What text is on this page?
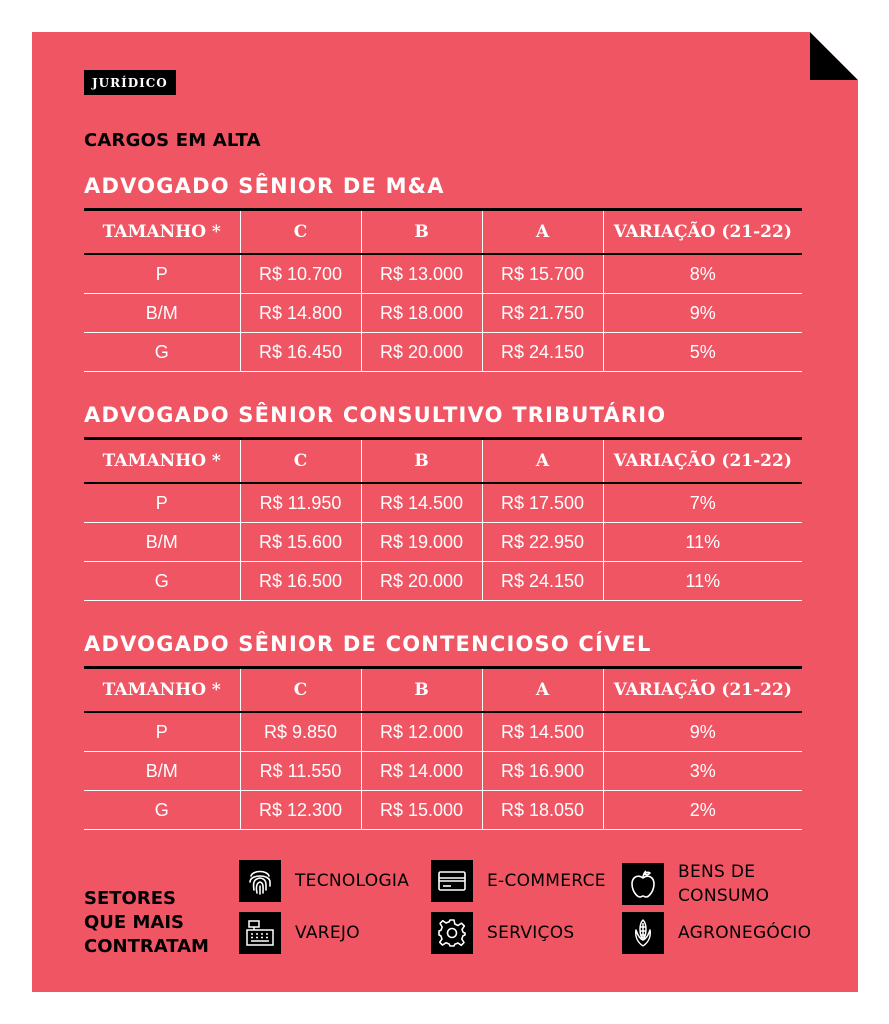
JURÍDICO
CARGOS EM ALTA
ADVOGADO SÊNIOR DE M&A
TAMANHO *	C	B	A	VARIAÇÃO (21-22)
P	R$ 10.700	R$ 13.000	R$ 15.700	8%
B/M	R$ 14.800	R$ 18.000	R$ 21.750	9%
G	R$ 16.450	R$ 20.000	R$ 24.150	5%
ADVOGADO SÊNIOR CONSULTIVO TRIBUTÁRIO
TAMANHO *	C	B	A	VARIAÇÃO (21-22)
P	R$ 11.950	R$ 14.500	R$ 17.500	7%
B/M	R$ 15.600	R$ 19.000	R$ 22.950	11%
G	R$ 16.500	R$ 20.000	R$ 24.150	11%
ADVOGADO SÊNIOR DE CONTENCIOSO CÍVEL
TAMANHO *	C	B	A	VARIAÇÃO (21-22)
P	R$ 9.850	R$ 12.000	R$ 14.500	9%
B/M	R$ 11.550	R$ 14.000	R$ 16.900	3%
G	R$ 12.300	R$ 15.000	R$ 18.050	2%
SETORES
QUE MAIS
CONTRATAM
TECNOLOGIA	E-COMMERCE	BENS DE
CONSUMO
VAREJO	SERVIÇOS	AGRONEGÓCIO
